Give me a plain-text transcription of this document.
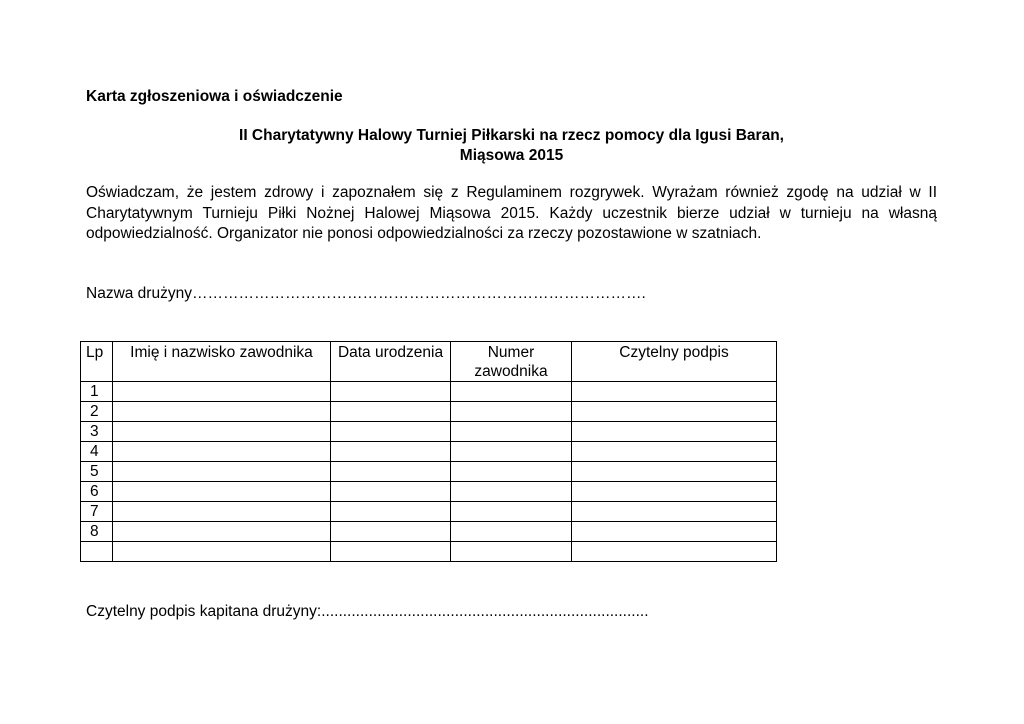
Karta zgłoszeniowa i oświadczenie

II Charytatywny Halowy Turniej Piłkarski na rzecz pomocy dla Igusi Baran,

Miąsowa 2015

Oświadczam, że jestem zdrowy i zapoznałem się z Regulaminem rozgrywek. Wyrażam również zgodę na udział w II Charytatywnym Turnieju Piłki Nożnej Halowej Miąsowa 2015. Każdy uczestnik bierze udział w turnieju na własną odpowiedzialność. Organizator nie ponosi odpowiedzialności za rzeczy pozostawione w szatniach.

Nazwa drużyny…………………………………………………………………………….

Lp	Imię i nazwisko zawodnika	Data urodzenia	Numer zawodnika	Czytelny podpis
1				
2				
3				
4				
5				
6				
7				
8				

Czytelny podpis kapitana drużyny:............................................................................
